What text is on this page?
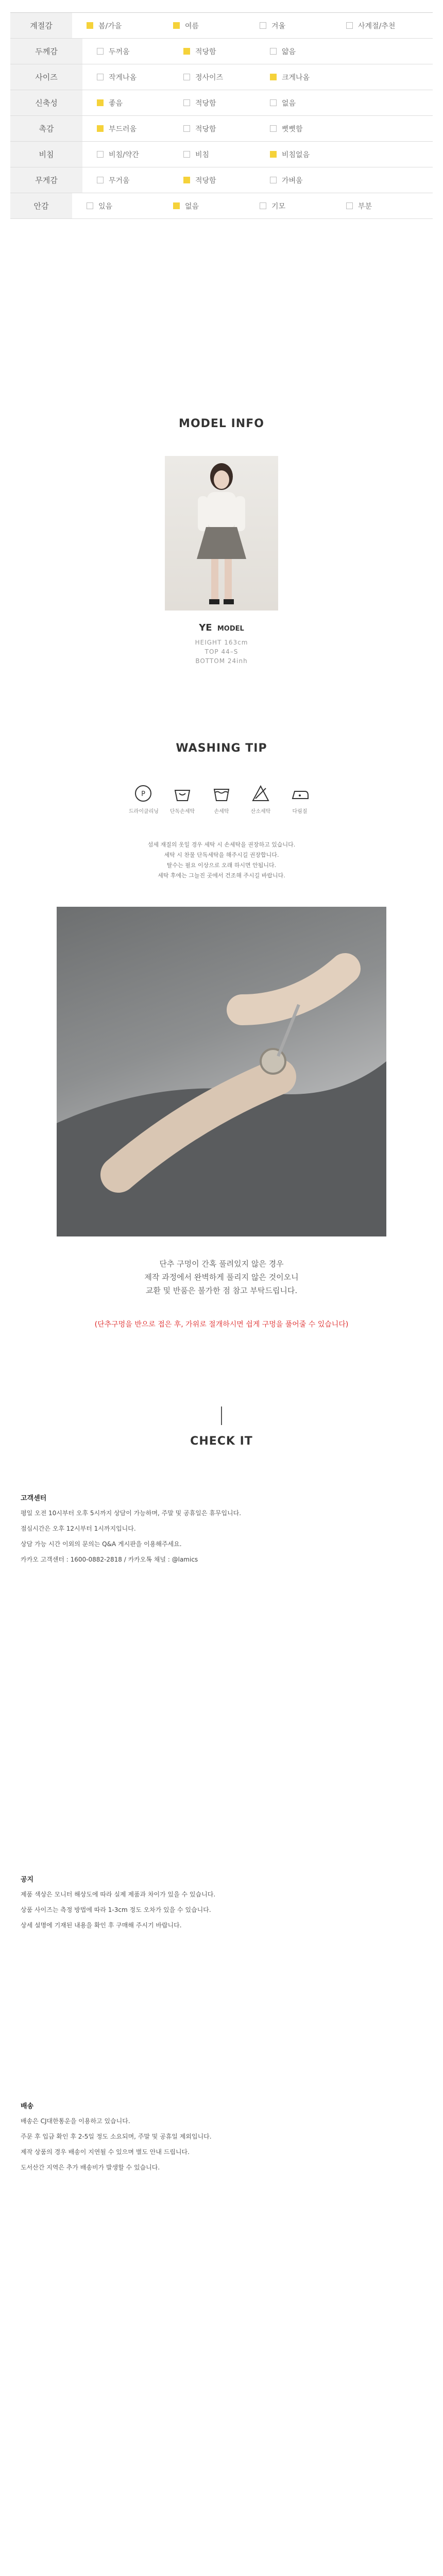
계절감	봄/가을	여름	겨울	사계절/추천
두께감	두꺼움	적당함	얇음
사이즈	작게나옴	정사이즈	크게나옴
신축성	좋음	적당함	없음
촉감	부드러움	적당함	뻣뻣함
비침	비침/약간	비침	비침없음
무게감	무거움	적당함	가벼움
안감	있음	없음	기모	부분
MODEL INFO
YE MODEL
HEIGHT 163cm
TOP 44–S
BOTTOM 24inh
WASHING TIP
P
드라이클리닝	단독손세탁	손세탁	산소세탁	다림질
섬세 재질의 옷일 경우 세탁 시 손세탁을 권장하고 있습니다.
세탁 시 찬물 단독세탁을 해주시길 권장합니다.
탈수는 필요 이상으로 오래 하시면 안됩니다.
세탁 후에는 그늘진 곳에서 건조해 주시길 바랍니다.
단추 구멍이 간혹 풀려있지 않은 경우
제작 과정에서 완벽하게 풀리지 않은 것이오니
교환 및 반품은 불가한 점 참고 부탁드립니다.
(단추구멍을 반으로 접은 후, 가위로 절개하시면 쉽게 구멍을 풀어줄 수 있습니다)
CHECK IT
고객센터

평일 오전 10시부터 오후 5시까지 상담이 가능하며, 주말 및 공휴일은 휴무입니다.

점심시간은 오후 12시부터 1시까지입니다.

상담 가능 시간 이외의 문의는 Q&A 게시판을 이용해주세요.

카카오 고객센터 : 1600-0882-2818 / 카카오톡 채널 : @lamics

공지

제품 색상은 모니터 해상도에 따라 실제 제품과 차이가 있을 수 있습니다.

상품 사이즈는 측정 방법에 따라 1-3cm 정도 오차가 있을 수 있습니다.

상세 설명에 기재된 내용을 확인 후 구매해 주시기 바랍니다.

배송

배송은 CJ대한통운을 이용하고 있습니다.

주문 후 입금 확인 후 2-5일 정도 소요되며, 주말 및 공휴일 제외입니다.

제작 상품의 경우 배송이 지연될 수 있으며 별도 안내 드립니다.

도서산간 지역은 추가 배송비가 발생할 수 있습니다.
